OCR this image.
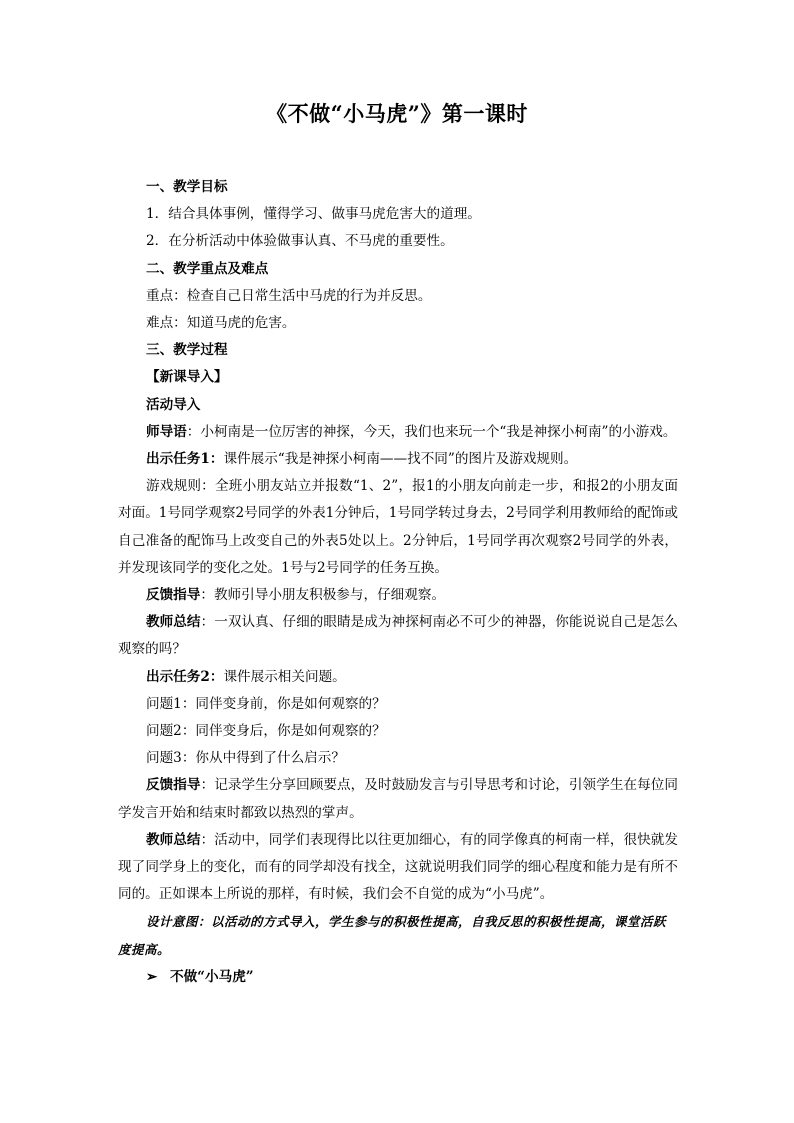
《不做“小马虎”》第一课时

一、教学目标

1．结合具体事例，懂得学习、做事马虎危害大的道理。

2．在分析活动中体验做事认真、不马虎的重要性。

二、教学重点及难点

重点：检查自己日常生活中马虎的行为并反思。

难点：知道马虎的危害。

三、教学过程

【新课导入】

活动导入

师导语：小柯南是一位厉害的神探，今天，我们也来玩一个“我是神探小柯南”的小游戏。

出示任务1：课件展示“我是神探小柯南——找不同”的图片及游戏规则。

游戏规则：全班小朋友站立并报数“1、2”，报1的小朋友向前走一步，和报2的小朋友面对面。1号同学观察2号同学的外表1分钟后，1号同学转过身去，2号同学利用教师给的配饰或自己准备的配饰马上改变自己的外表5处以上。2分钟后，1号同学再次观察2号同学的外表，并发现该同学的变化之处。1号与2号同学的任务互换。

反馈指导：教师引导小朋友积极参与，仔细观察。

教师总结：一双认真、仔细的眼睛是成为神探柯南必不可少的神器，你能说说自己是怎么观察的吗？

出示任务2：课件展示相关问题。

问题1：同伴变身前，你是如何观察的？

问题2：同伴变身后，你是如何观察的？

问题3：你从中得到了什么启示？

反馈指导：记录学生分享回顾要点，及时鼓励发言与引导思考和讨论，引领学生在每位同学发言开始和结束时都致以热烈的掌声。

教师总结：活动中，同学们表现得比以往更加细心，有的同学像真的柯南一样，很快就发现了同学身上的变化，而有的同学却没有找全，这就说明我们同学的细心程度和能力是有所不同的。正如课本上所说的那样，有时候，我们会不自觉的成为“小马虎”。

设计意图：以活动的方式导入，学生参与的积极性提高，自我反思的积极性提高，课堂活跃度提高。

➢ 不做“小马虎”
